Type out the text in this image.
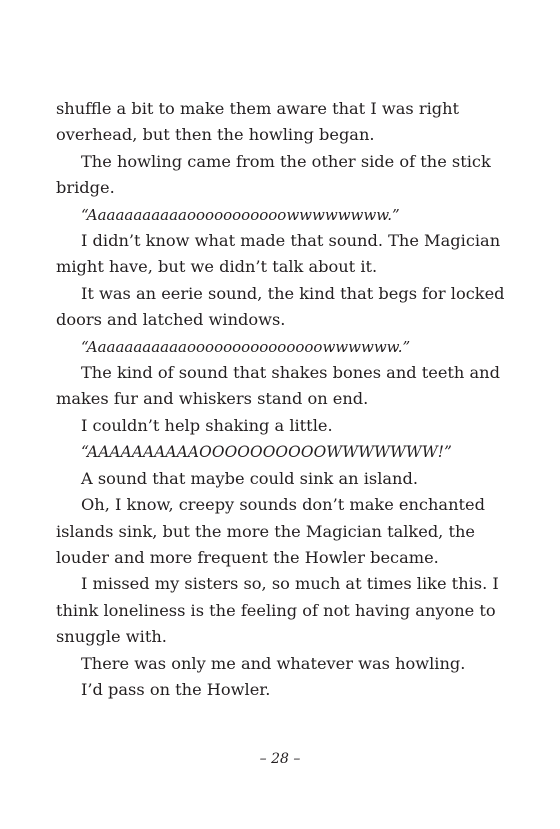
shuffle a bit to make them aware that I was right overhead, but then the howling began.

The howling came from the other side of the stick bridge.

“Aaaaaaaaaaaooooooooooowwwwwwww.”

I didn’t know what made that sound. The Magician might have, but we didn’t talk about it.

It was an eerie sound, the kind that begs for locked doors and latched windows.

“Aaaaaaaaaaaooooooooooooooowwwwww.”

The kind of sound that shakes bones and teeth and makes fur and whiskers stand on end.

I couldn’t help shaking a little.

“AAAAAAAAAAOOOOOOOOOOWWWWWWW!”

A sound that maybe could sink an island.

Oh, I know, creepy sounds don’t make enchanted islands sink, but the more the Magician talked, the louder and more frequent the Howler became.

I missed my sisters so, so much at times like this. I think loneliness is the feeling of not having anyone to snuggle with.

There was only me and whatever was howling.

I’d pass on the Howler.

– 28 –
